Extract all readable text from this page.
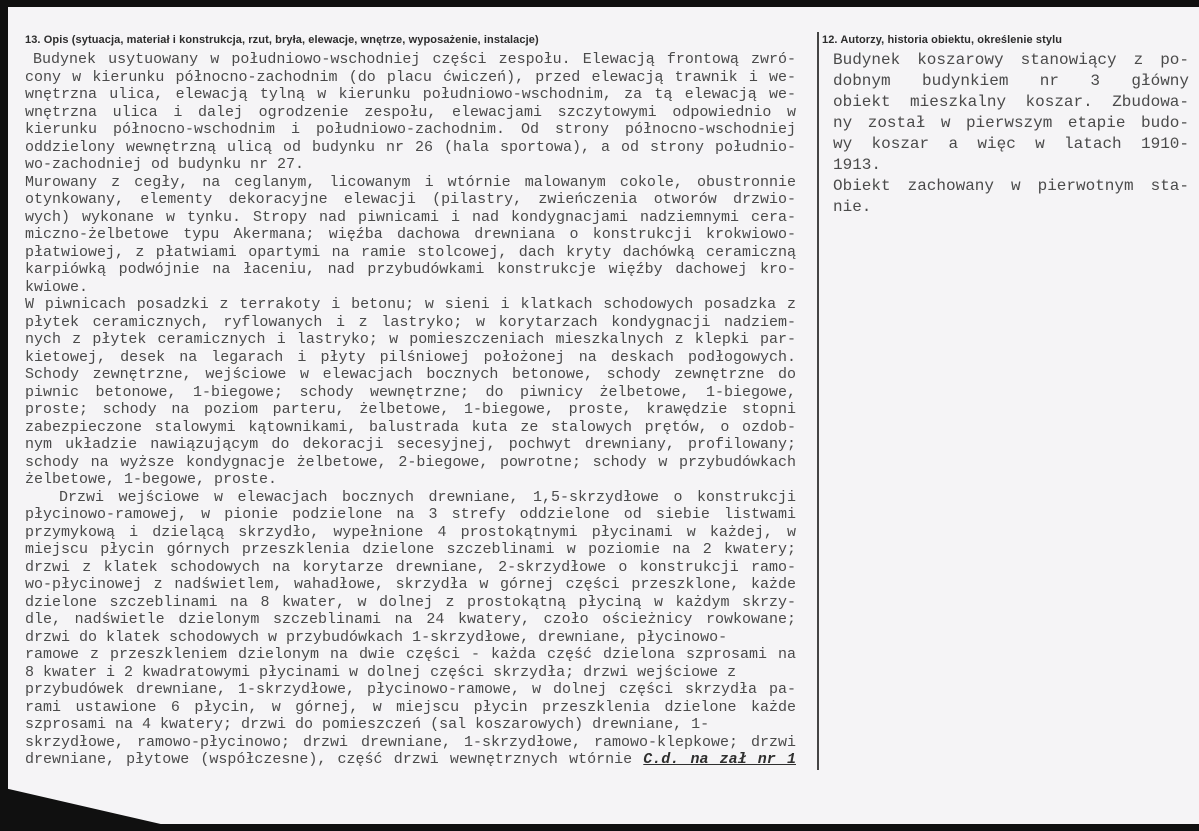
13. Opis (sytuacja, materiał i konstrukcja, rzut, bryła, elewacje, wnętrze, wyposażenie, instalacje)
Budynek usytuowany w południowo-wschodniej części zespołu. Elewacją frontową zwró-
cony w kierunku północno-zachodnim (do placu ćwiczeń), przed elewacją trawnik i we-
wnętrzna ulica, elewacją tylną w kierunku południowo-wschodnim, za tą elewacją we-
wnętrzna ulica i dalej ogrodzenie zespołu, elewacjami szczytowymi odpowiednio w
kierunku północno-wschodnim i południowo-zachodnim. Od strony północno-wschodniej
oddzielony wewnętrzną ulicą od budynku nr 26 (hala sportowa), a od strony południo-
wo-zachodniej od budynku nr 27.
Murowany z cegły, na ceglanym, licowanym i wtórnie malowanym cokole, obustronnie
otynkowany, elementy dekoracyjne elewacji (pilastry, zwieńczenia otworów drzwio-
wych) wykonane w tynku. Stropy nad piwnicami i nad kondygnacjami nadziemnymi cera-
miczno-żelbetowe typu Akermana; więźba dachowa drewniana o konstrukcji krokwiowo-
płatwiowej, z płatwiami opartymi na ramie stolcowej, dach kryty dachówką ceramiczną
karpiówką podwójnie na łaceniu, nad przybudówkami konstrukcje więźby dachowej kro-
kwiowe.
W piwnicach posadzki z terrakoty i betonu; w sieni i klatkach schodowych posadzka z
płytek ceramicznych, ryflowanych i z lastryko; w korytarzach kondygnacji nadziem-
nych z płytek ceramicznych i lastryko; w pomieszczeniach mieszkalnych z klepki par-
kietowej, desek na legarach i płyty pilśniowej położonej na deskach podłogowych.
Schody zewnętrzne, wejściowe w elewacjach bocznych betonowe, schody zewnętrzne do
piwnic betonowe, 1-biegowe; schody wewnętrzne; do piwnicy żelbetowe, 1-biegowe,
proste; schody na poziom parteru, żelbetowe, 1-biegowe, proste, krawędzie stopni
zabezpieczone stalowymi kątownikami, balustrada kuta ze stalowych prętów, o ozdob-
nym układzie nawiązującym do dekoracji secesyjnej, pochwyt drewniany, profilowany;
schody na wyższe kondygnacje żelbetowe, 2-biegowe, powrotne; schody w przybudówkach
żelbetowe, 1-begowe, proste.
Drzwi wejściowe w elewacjach bocznych drewniane, 1,5-skrzydłowe o konstrukcji
płycinowo-ramowej, w pionie podzielone na 3 strefy oddzielone od siebie listwami
przymykową i dzielącą skrzydło, wypełnione 4 prostokątnymi płycinami w każdej, w
miejscu płycin górnych przeszklenia dzielone szczeblinami w poziomie na 2 kwatery;
drzwi z klatek schodowych na korytarze drewniane, 2-skrzydłowe o konstrukcji ramo-
wo-płycinowej z nadświetlem, wahadłowe, skrzydła w górnej części przeszklone, każde
dzielone szczeblinami na 8 kwater, w dolnej z prostokątną płyciną w każdym skrzy-
dle, nadświetle dzielonym szczeblinami na 24 kwatery, czoło ościeżnicy rowkowane;
drzwi do klatek schodowych w przybudówkach 1-skrzydłowe, drewniane, płycinowo-
ramowe z przeszkleniem dzielonym na dwie części - każda część dzielona szprosami na
8 kwater i 2 kwadratowymi płycinami w dolnej części skrzydła; drzwi wejściowe z
przybudówek drewniane, 1-skrzydłowe, płycinowo-ramowe, w dolnej części skrzydła pa-
rami ustawione 6 płycin, w górnej, w miejscu płycin przeszklenia dzielone każde
szprosami na 4 kwatery; drzwi do pomieszczeń (sal koszarowych) drewniane, 1-
skrzydłowe, ramowo-płycinowo; drzwi drewniane, 1-skrzydłowe, ramowo-klepkowe; drzwi
drewniane, płytowe (współczesne), część drzwi wewnętrznych wtórnie C.d. na zał nr 1
12. Autorzy, historia obiektu, określenie stylu
Budynek koszarowy stanowiący z po-
dobnym budynkiem nr 3 główny
obiekt mieszkalny koszar. Zbudowa-
ny został w pierwszym etapie budo-
wy koszar a więc w latach 1910-
1913.
Obiekt zachowany w pierwotnym sta-
nie.
